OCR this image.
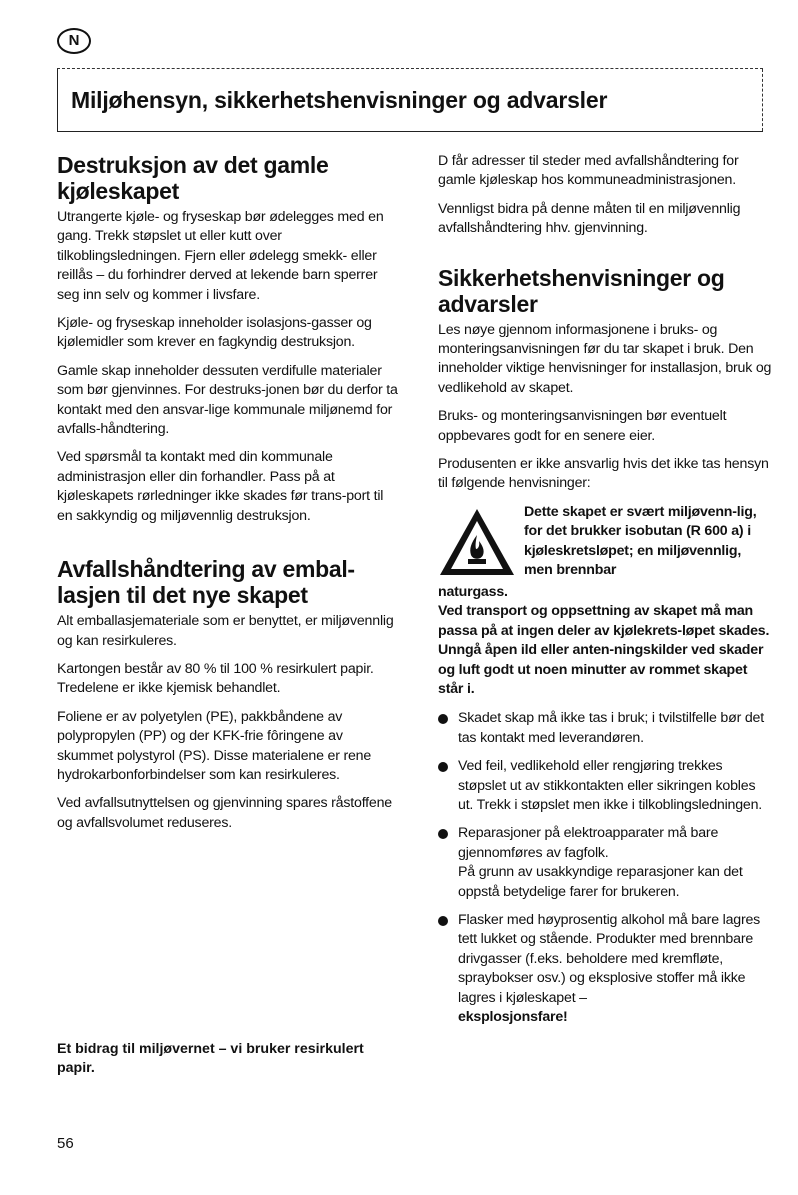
N
Miljøhensyn, sikkerhetshenvisninger og advarsler
Destruksjon av det gamle kjøleskapet

Utrangerte kjøle- og fryseskap bør ødelegges med en gang. Trekk støpslet ut eller kutt over tilkoblingsledningen. Fjern eller ødelegg smekk- eller reillås – du forhindrer derved at lekende barn sperrer seg inn selv og kommer i livsfare.

Kjøle- og fryseskap inneholder isolasjons-gasser og kjølemidler som krever en fagkyndig destruksjon.

Gamle skap inneholder dessuten verdifulle materialer som bør gjenvinnes. For destruks-jonen bør du derfor ta kontakt med den ansvar-lige kommunale miljønemd for avfalls-håndtering.

Ved spørsmål ta kontakt med din kommunale administrasjon eller din forhandler. Pass på at kjøleskapets rørledninger ikke skades før trans-port til en sakkyndig og miljøvennlig destruksjon.

Avfallshåndtering av embal-lasjen til det nye skapet

Alt emballasjemateriale som er benyttet, er miljøvennlig og kan resirkuleres.

Kartongen består av 80 % til 100 % resirkulert papir. Tredelene er ikke kjemisk behandlet.

Foliene er av polyetylen (PE), pakkbåndene av polypropylen (PP) og der KFK-frie fôringene av skummet polystyrol (PS). Disse materialene er rene hydrokarbonforbindelser som kan resirkuleres.

Ved avfallsutnyttelsen og gjenvinning spares råstoffene og avfallsvolumet reduseres.

Et bidrag til miljøvernet – vi bruker resirkulert papir.

D får adresser til steder med avfallshåndtering for gamle kjøleskap hos kommuneadministrasjonen.

Vennligst bidra på denne måten til en miljøvennlig avfallshåndtering hhv. gjenvinning.

Sikkerhetshenvisninger og advarsler

Les nøye gjennom informasjonene i bruks- og monteringsanvisningen før du tar skapet i bruk. Den inneholder viktige henvisninger for installasjon, bruk og vedlikehold av skapet.

Bruks- og monteringsanvisningen bør eventuelt oppbevares godt for en senere eier.

Produsenten er ikke ansvarlig hvis det ikke tas hensyn til følgende henvisninger:

Dette skapet er svært miljøvenn-lig, for det brukker isobutan (R 600 a) i kjøleskretsløpet; en miljøvennlig, men brennbar

naturgass.

Ved transport og oppsettning av skapet må man passa på at ingen deler av kjølekrets-løpet skades. Unngå åpen ild eller anten-ningskilder ved skader og luft godt ut noen minutter av rommet skapet står i.

Skadet skap må ikke tas i bruk; i tvilstilfelle bør det tas kontakt med leverandøren.
Ved feil, vedlikehold eller rengjøring trekkes støpslet ut av stikkontakten eller sikringen kobles ut. Trekk i støpslet men ikke i tilkoblingsledningen.
Reparasjoner på elektroapparater må bare gjennomføres av fagfolk.
På grunn av usakkyndige reparasjoner kan det oppstå betydelige farer for brukeren.
Flasker med høyprosentig alkohol må bare lagres tett lukket og stående. Produkter med brennbare drivgasser (f.eks. beholdere med kremfløte, spraybokser osv.) og eksplosive stoffer må ikke lagres i kjøleskapet –
eksplosjonsfare!
56
